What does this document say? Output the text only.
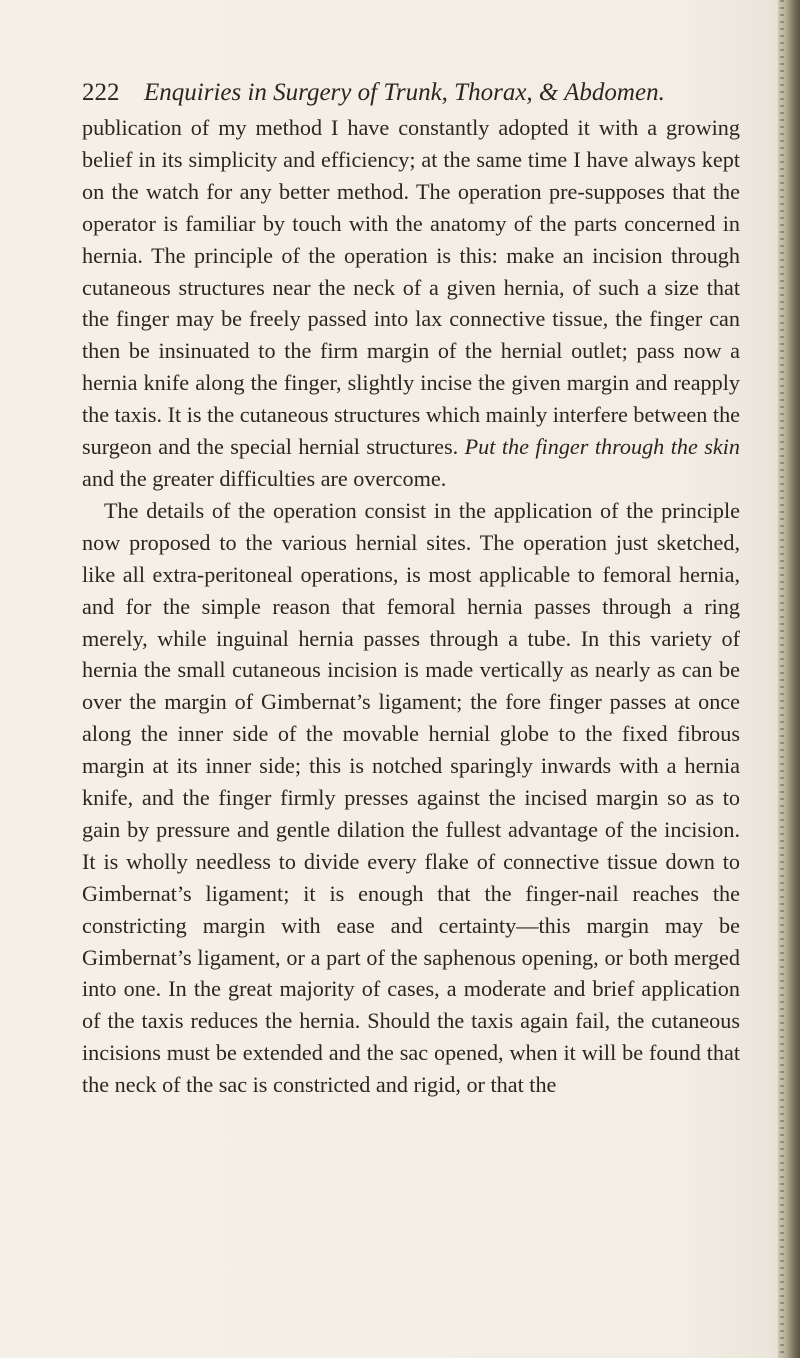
222 Enquiries in Surgery of Trunk, Thorax, & Abdomen.

publication of my method I have constantly adopted it with a growing belief in its simplicity and efficiency; at the same time I have always kept on the watch for any better method. The operation pre-supposes that the operator is familiar by touch with the anatomy of the parts concerned in hernia. The principle of the operation is this: make an incision through cutaneous structures near the neck of a given hernia, of such a size that the finger may be freely passed into lax connective tissue, the finger can then be insinuated to the firm margin of the hernial outlet; pass now a hernia knife along the finger, slightly incise the given margin and reapply the taxis. It is the cutaneous structures which mainly interfere between the surgeon and the special hernial structures. Put the finger through the skin and the greater difficulties are overcome.

The details of the operation consist in the application of the principle now proposed to the various hernial sites. The operation just sketched, like all extra-peritoneal operations, is most applicable to femoral hernia, and for the simple reason that femoral hernia passes through a ring merely, while inguinal hernia passes through a tube. In this variety of hernia the small cutaneous incision is made vertically as nearly as can be over the margin of Gimbernat’s ligament; the fore finger passes at once along the inner side of the movable hernial globe to the fixed fibrous margin at its inner side; this is notched sparingly inwards with a hernia knife, and the finger firmly presses against the incised margin so as to gain by pressure and gentle dilation the fullest advantage of the incision. It is wholly needless to divide every flake of connective tissue down to Gimbernat’s ligament; it is enough that the finger-nail reaches the constricting margin with ease and certainty—this margin may be Gimbernat’s ligament, or a part of the saphenous opening, or both merged into one. In the great majority of cases, a moderate and brief application of the taxis reduces the hernia. Should the taxis again fail, the cutaneous incisions must be extended and the sac opened, when it will be found that the neck of the sac is constricted and rigid, or that the
